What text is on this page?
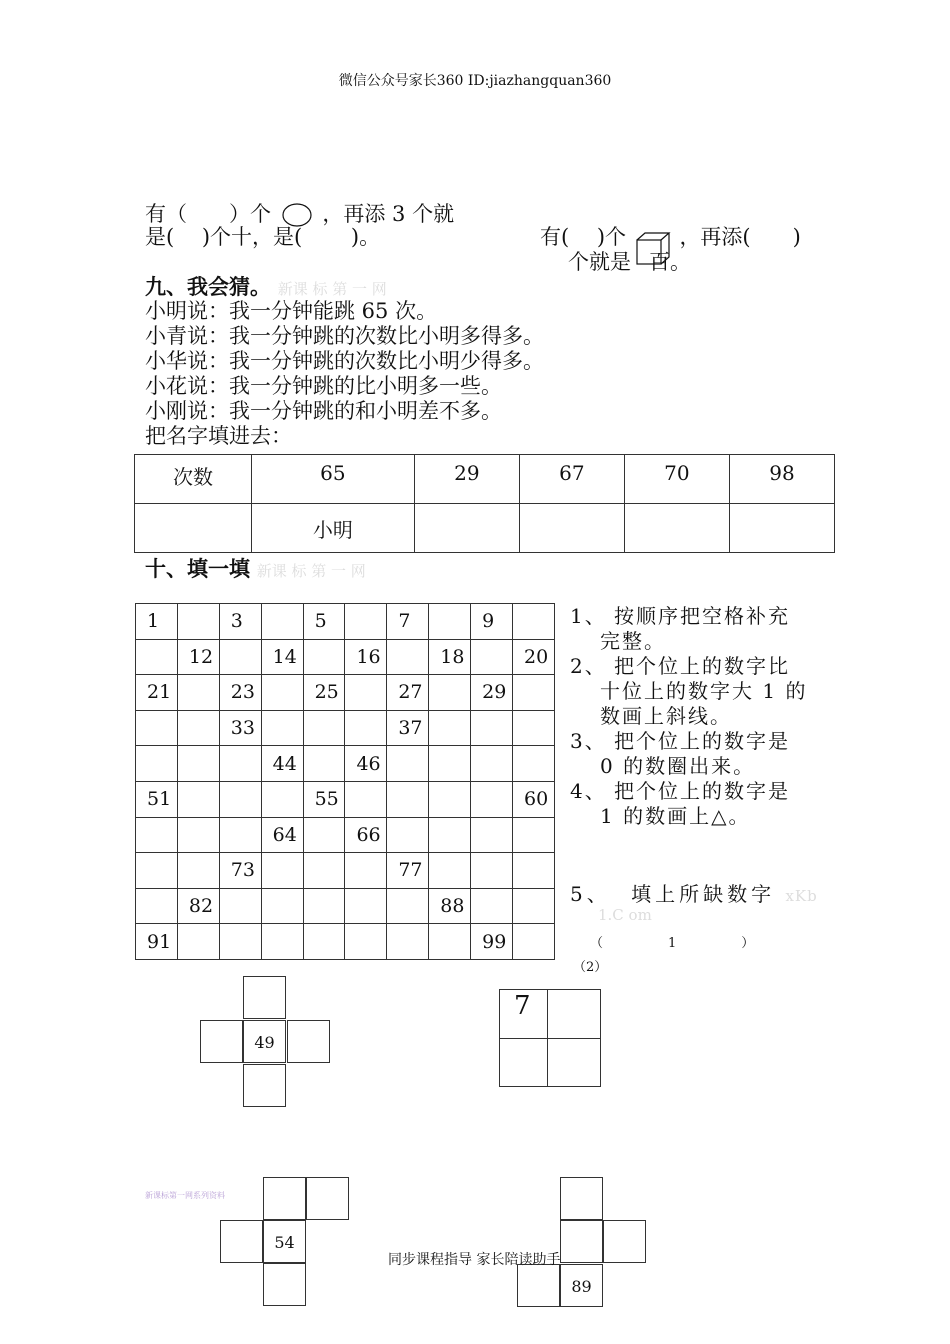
微信公众号家长360 ID:jiazhangquan360
有（　　）个 ，再添 3 个就
是(　 )个十，是(　　 )。	有(　 )个	，再添(　　)
个就是 百。
九、我会猜。 新课 标 第 一 网
小明说：我一分钟能跳 65 次。
小青说：我一分钟跳的次数比小明多得多。
小华说：我一分钟跳的次数比小明少得多。
小花说：我一分钟跳的比小明多一些。
小刚说：我一分钟跳的和小明差不多。
把名字填进去：
次数	65	29	67	70	98
	小明				
十、填一填 新课 标 第 一 网
1		3		5		7		9	
	12		14		16		18		20
21		23		25		27		29	
		33				37			
			44		46				
51				55					60
			64		66				
		73				77			
	82						88		
91								99	
1、 按顺序把空格补充
完整。
2、 把个位上的数字比
十位上的数字大 1 的
数画上斜线。
3、 把个位上的数字是
0 的数圈出来。
4、 把个位上的数字是
1 的数画上△。
5、 填上所缺数字 xKb
1.C om
（　　　　　1　　　　　）
（2）
49
7
54
89
新课标第一网系列资料
同步课程指导 家长陪读助手
